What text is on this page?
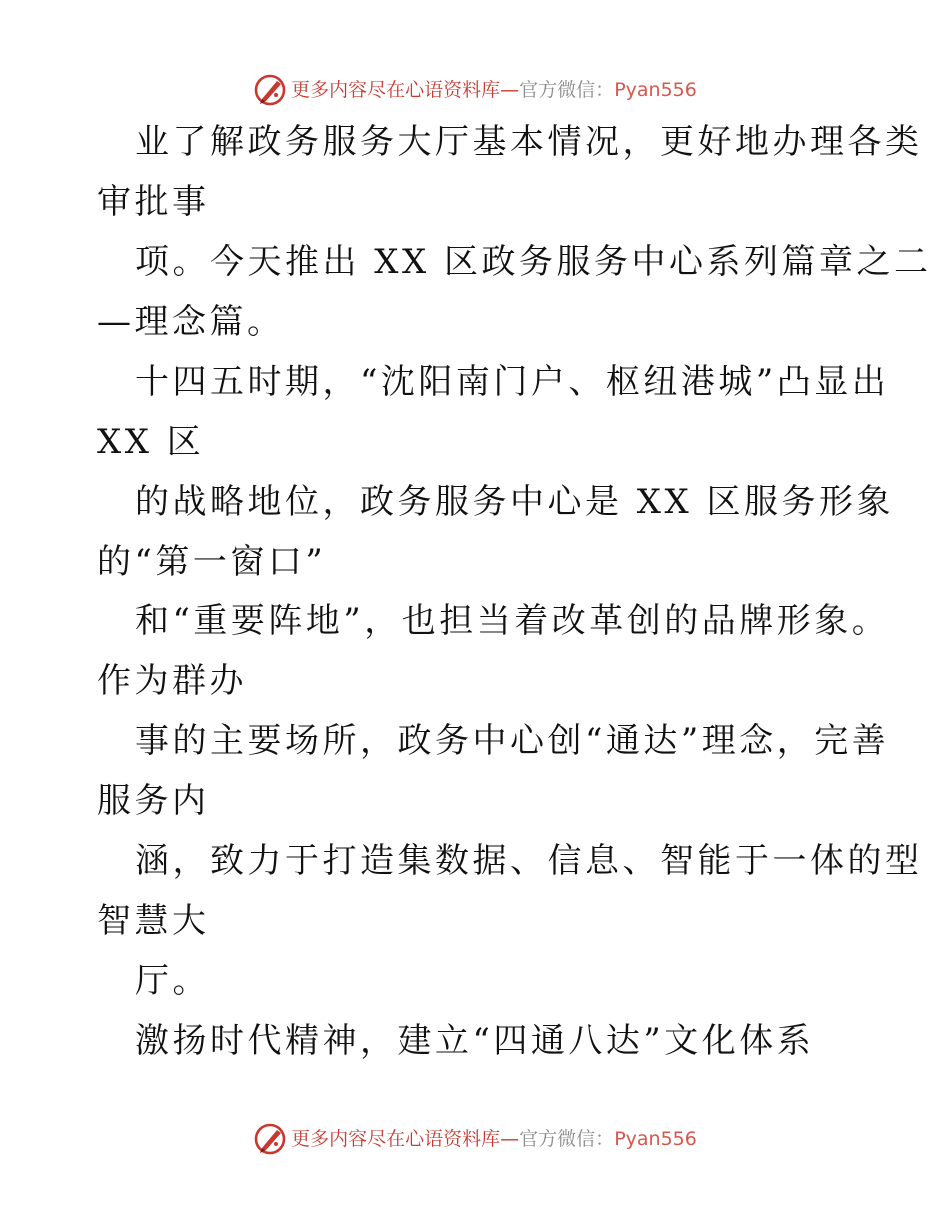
更多内容尽在心语资料库 — 官方微信： Pyan556
业了解政务服务大厅基本情况，更好地办理各类
审批事
项。今天推出 XX 区政务服务中心系列篇章之二
—理念篇。
十四五时期，“沈阳南门户、枢纽港城”凸显出
XX 区
的战略地位，政务服务中心是 XX 区服务形象
的“第一窗口”
和“重要阵地”，也担当着改革创的品牌形象。
作为群办
事的主要场所，政务中心创“通达”理念，完善
服务内
涵，致力于打造集数据、信息、智能于一体的型
智慧大
厅。
激扬时代精神，建立“四通八达”文化体系
更多内容尽在心语资料库 — 官方微信： Pyan556
